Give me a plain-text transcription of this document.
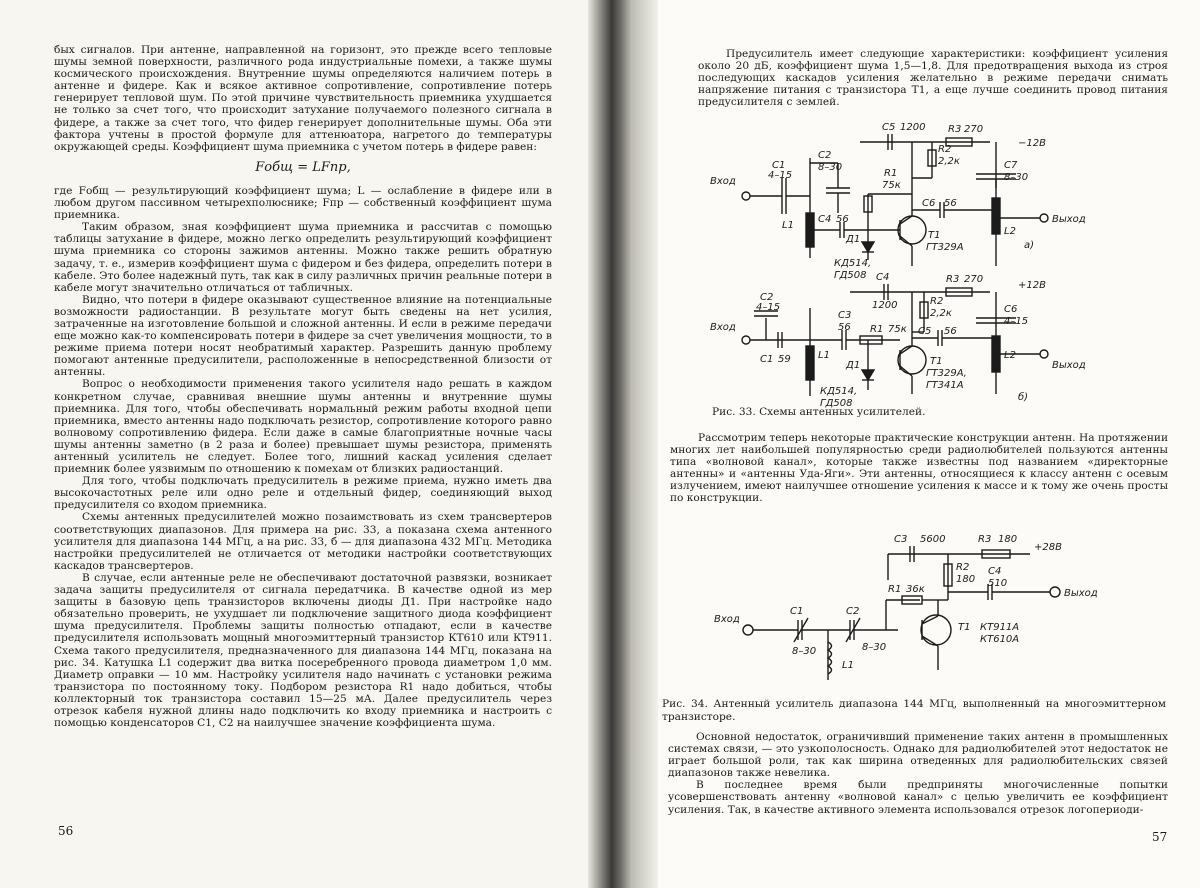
бых сигналов. При антенне, направленной на горизонт, это прежде всего тепловые шумы земной поверхности, различного рода индустриальные помехи, а также шумы космического происхождения. Внутренние шумы определяются наличием потерь в антенне и фидере. Как и всякое активное сопротивление, сопротивление потерь генерирует тепловой шум. По этой причине чувствительность приемника ухудшается не только за счет того, что происходит затухание получаемого полезного сигнала в фидере, а также за счет того, что фидер генерирует дополнительные шумы. Оба эти фактора учтены в простой формуле для аттенюатора, нагретого до температуры окружающей среды. Коэффициент шума приемника с учетом потерь в фидере равен:

Fобщ = LFпр,

где Fобщ — результирующий коэффициент шума; L — ослабление в фидере или в любом другом пассивном четырехполюснике; Fпр — собственный коэффициент шума приемника.

Таким образом, зная коэффициент шума приемника и рассчитав с помощью таблицы затухание в фидере, можно легко определить результирующий коэффициент шума приемника со стороны зажимов антенны. Можно также решить обратную задачу, т. е., измерив коэффициент шума с фидером и без фидера, определить потери в кабеле. Это более надежный путь, так как в силу различных причин реальные потери в кабеле могут значительно отличаться от табличных.

Видно, что потери в фидере оказывают существенное влияние на потенциальные возможности радиостанции. В результате могут быть сведены на нет усилия, затраченные на изготовление большой и сложной антенны. И если в режиме передачи еще можно как-то компенсировать потери в фидере за счет увеличения мощности, то в режиме приема потери носят необратимый характер. Разрешить данную проблему помогают антенные предусилители, расположенные в непосредственной близости от антенны.

Вопрос о необходимости применения такого усилителя надо решать в каждом конкретном случае, сравнивая внешние шумы антенны и внутренние шумы приемника. Для того, чтобы обеспечивать нормальный режим работы входной цепи приемника, вместо антенны надо подключать резистор, сопротивление которого равно волновому сопротивлению фидера. Если даже в самые благоприятные ночные часы шумы антенны заметно (в 2 раза и более) превышает шумы резистора, применять антенный усилитель не следует. Более того, лишний каскад усиления сделает приемник более уязвимым по отношению к помехам от близких радиостанций.

Для того, чтобы подключать предусилитель в режиме приема, нужно иметь два высокочастотных реле или одно реле и отдельный фидер, соединяющий выход предусилителя со входом приемника.

Схемы антенных предусилителей можно позаимствовать из схем трансвертеров соответствующих диапазонов. Для примера на рис. 33, а показана схема антенного усилителя для диапазона 144 МГц, а на рис. 33, б — для диапазона 432 МГц. Методика настройки предусилителей не отличается от методики настройки соответствующих каскадов трансвертеров.

В случае, если антенные реле не обеспечивают достаточной развязки, возникает задача защиты предусилителя от сигнала передатчика. В качестве одной из мер защиты в базовую цепь транзисторов включены диоды Д1. При настройке надо обязательно проверить, не ухудшает ли подключение защитного диода коэффициент шума предусилителя. Проблемы защиты полностью отпадают, если в качестве предусилителя использовать мощный многоэмиттерный транзистор КТ610 или КТ911. Схема такого предусилителя, предназначенного для диапазона 144 МГц, показана на рис. 34. Катушка L1 содержит два витка посеребренного провода диаметром 1,0 мм. Диаметр оправки — 10 мм. Настройку усилителя надо начинать с установки режима транзистора по постоянному току. Подбором резистора R1 надо добиться, чтобы коллекторный ток транзистора составил 15—25 мА. Далее предусилитель через отрезок кабеля нужной длины надо подключить ко входу приемника и настроить с помощью конденсаторов C1, C2 на наилучшее значение коэффициента шума.

56

Предусилитель имеет следующие характеристики: коэффициент усиления около 20 дБ, коэффициент шума 1,5—1,8. Для предотвращения выхода из строя последующих каскадов усиления желательно в режиме передачи снимать напряжение питания с транзистора T1, а еще лучше соединить провод питания предусилителя с землей.

Вход
Выход
а)
C1
4–15
C2
8–30
C4 56
L1
C5 1200 R3 270
−12В
R2
2,2к
R1
75к
C6 56
C7
8–30
L2
T1
ГТ329А
Д1
КД514,
ГД508
Вход
Выход
б)
C1 59
C2
4–15
C3
56
L1
C4
1200
R3 270
+12В
R2
2,2к
R1 75к C5 56
C6
4–15
L2
T1
ГТ329А,
ГТ341А
Д1
КД514,
ГД508
Рис. 33. Схемы антенных усилителей.

Рассмотрим теперь некоторые практические конструкции антенн. На протяжении многих лет наибольшей популярностью среди радиолюбителей пользуются антенны типа «волновой канал», которые также известны под названием «директорные антенны» и «антенны Уда-Яги». Эти антенны, относящиеся к классу антенн с осевым излучением, имеют наилучшее отношение усиления к массе и к тому же очень просты по конструкции.

Вход
Выход
C1
8–30
C2
8–30
L1
C3 5600	R3 180
+28В
R2
180
R1 36к
C4
510
T1 КТ911А
КТ610А
Рис. 34. Антенный усилитель диапазона 144 МГц, выполненный на многоэмиттерном транзисторе.

Основной недостаток, ограничивший применение таких антенн в промышленных системах связи, — это узкополосность. Однако для радиолюбителей этот недостаток не играет большой роли, так как ширина отведенных для радиолюбительских связей диапазонов также невелика.

В последнее время были предприняты многочисленные попытки усовершенствовать антенну «волновой канал» с целью увеличить ее коэффициент усиления. Так, в качестве активного элемента использовался отрезок логопериоди-

57
